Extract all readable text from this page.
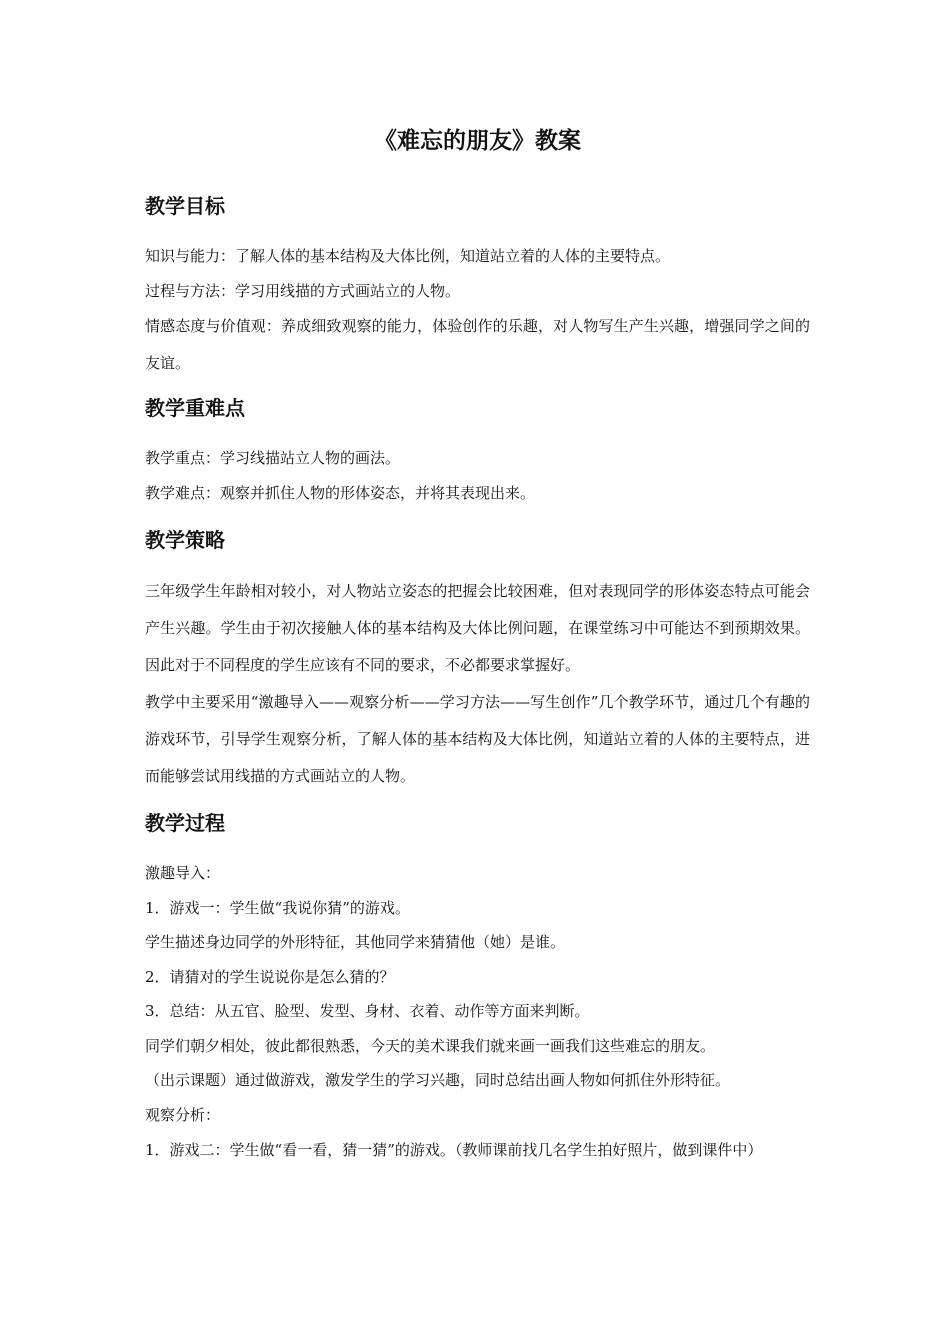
《难忘的朋友》教案
教学目标

知识与能力：了解人体的基本结构及大体比例，知道站立着的人体的主要特点。

过程与方法：学习用线描的方式画站立的人物。

情感态度与价值观：养成细致观察的能力，体验创作的乐趣，对人物写生产生兴趣，增强同学之间的友谊。

教学重难点

教学重点：学习线描站立人物的画法。

教学难点：观察并抓住人物的形体姿态，并将其表现出来。

教学策略

三年级学生年龄相对较小，对人物站立姿态的把握会比较困难，但对表现同学的形体姿态特点可能会产生兴趣。学生由于初次接触人体的基本结构及大体比例问题，在课堂练习中可能达不到预期效果。因此对于不同程度的学生应该有不同的要求，不必都要求掌握好。

教学中主要采用“激趣导入——观察分析——学习方法——写生创作”几个教学环节，通过几个有趣的游戏环节，引导学生观察分析，了解人体的基本结构及大体比例，知道站立着的人体的主要特点，进而能够尝试用线描的方式画站立的人物。

教学过程

激趣导入：

1．游戏一：学生做“我说你猜”的游戏。

学生描述身边同学的外形特征，其他同学来猜猜他（她）是谁。

2．请猜对的学生说说你是怎么猜的？

3．总结：从五官、脸型、发型、身材、衣着、动作等方面来判断。

同学们朝夕相处，彼此都很熟悉，今天的美术课我们就来画一画我们这些难忘的朋友。

（出示课题）通过做游戏，激发学生的学习兴趣，同时总结出画人物如何抓住外形特征。

观察分析：

1．游戏二：学生做“看一看，猜一猜”的游戏。（教师课前找几名学生拍好照片，做到课件中）
